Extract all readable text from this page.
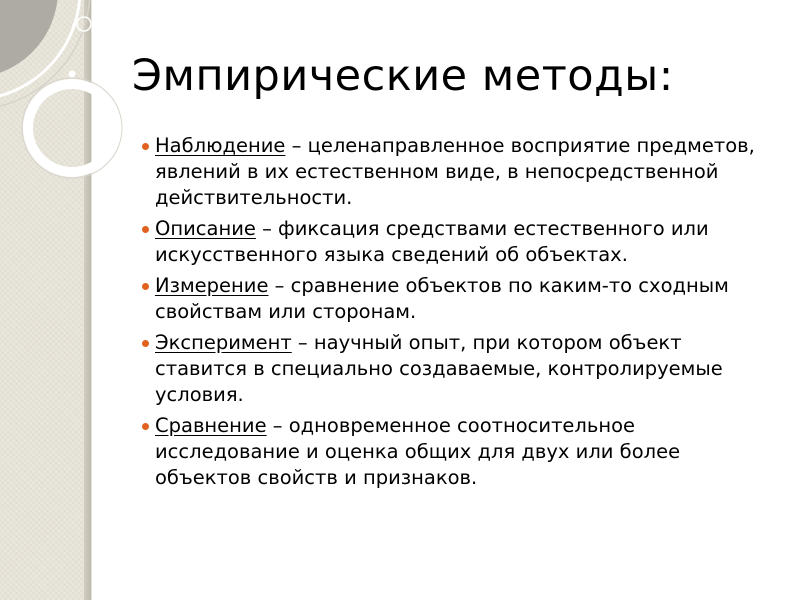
Эмпирические методы:
Наблюдение – целенаправленное восприятие предметов, явлений в их естественном виде, в непосредственной действительности.
Описание – фиксация средствами естественного или искусственного языка сведений об объектах.
Измерение – сравнение объектов по каким-то сходным свойствам или сторонам.
Эксперимент – научный опыт, при котором объект ставится в специально создаваемые, контролируемые условия.
Сравнение – одновременное соотносительное исследование и оценка общих для двух или более объектов свойств и признаков.
